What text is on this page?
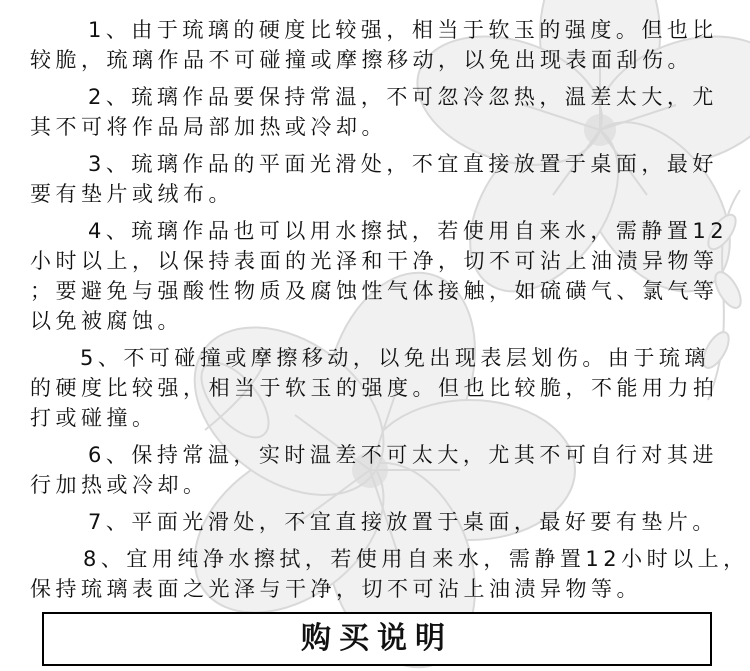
1、由于琉璃的硬度比较强，相当于软玉的强度。但也比
较脆，琉璃作品不可碰撞或摩擦移动，以免出现表面刮伤。
2、琉璃作品要保持常温，不可忽冷忽热，温差太大，尤
其不可将作品局部加热或冷却。
3、琉璃作品的平面光滑处，不宜直接放置于桌面，最好
要有垫片或绒布。
4、琉璃作品也可以用水擦拭，若使用自来水，需静置12
小时以上，以保持表面的光泽和干净，切不可沾上油渍异物等
；要避免与强酸性物质及腐蚀性气体接触，如硫磺气、氯气等
以免被腐蚀。
5、不可碰撞或摩擦移动，以免出现表层划伤。由于琉璃
的硬度比较强，相当于软玉的强度。但也比较脆，不能用力拍
打或碰撞。
6、保持常温，实时温差不可太大，尤其不可自行对其进
行加热或冷却。
7、平面光滑处，不宜直接放置于桌面，最好要有垫片。
8、宜用纯净水擦拭，若使用自来水，需静置12小时以上，
保持琉璃表面之光泽与干净，切不可沾上油渍异物等。
购买说明
